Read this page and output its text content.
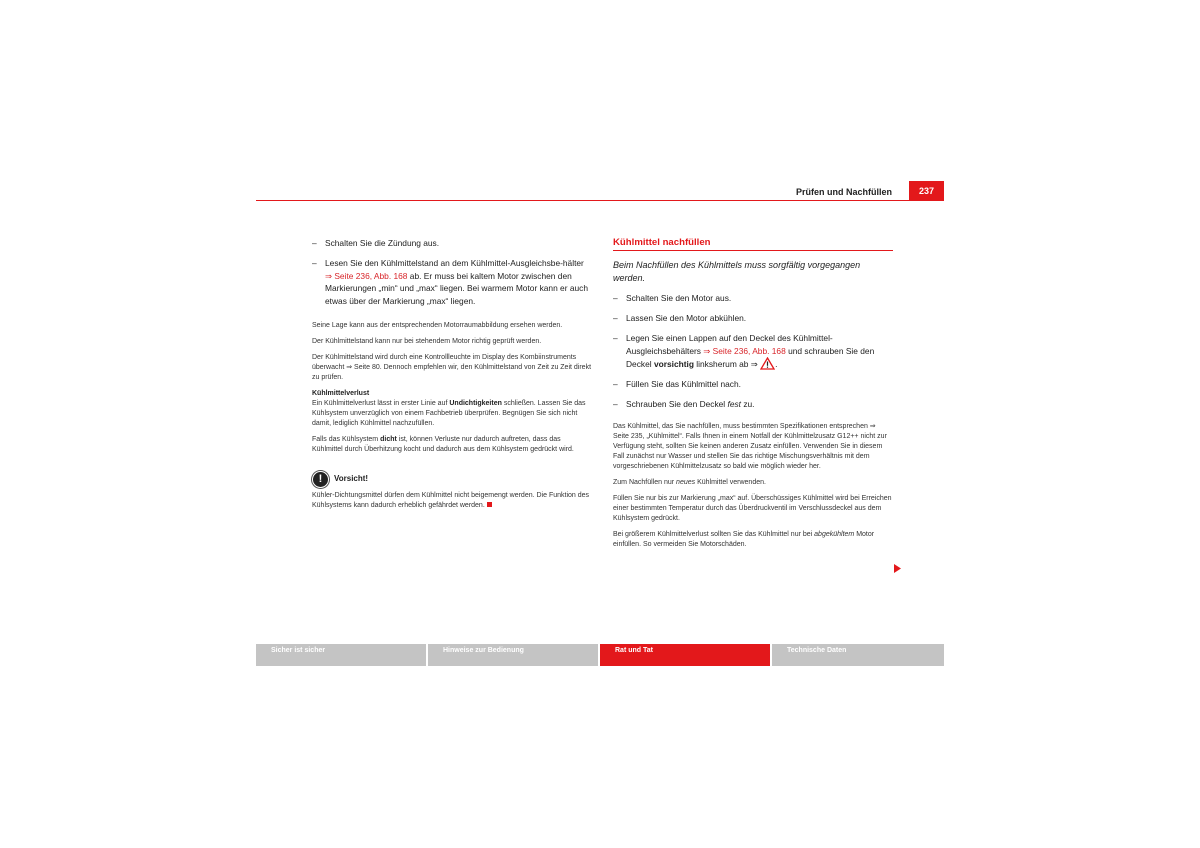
Prüfen und Nachfüllen	237
– Schalten Sie die Zündung aus.
– Lesen Sie den Kühlmittelstand an dem Kühlmittel-Ausgleichsbe-hälter ⇒ Seite 236, Abb. 168 ab. Er muss bei kaltem Motor zwischen den Markierungen „min“ und „max“ liegen. Bei warmem Motor kann er auch etwas über der Markierung „max“ liegen.

Seine Lage kann aus der entsprechenden Motorraumabbildung ersehen werden.

Der Kühlmittelstand kann nur bei stehendem Motor richtig geprüft werden.

Der Kühlmittelstand wird durch eine Kontrollleuchte im Display des Kombiinstruments überwacht ⇒ Seite 80. Dennoch empfehlen wir, den Kühlmittelstand von Zeit zu Zeit direkt zu prüfen.

Kühlmittelverlust

Ein Kühlmittelverlust lässt in erster Linie auf Undichtigkeiten schließen. Lassen Sie das Kühlsystem unverzüglich von einem Fachbetrieb überprüfen. Begnügen Sie sich nicht damit, lediglich Kühlmittel nachzufüllen.

Falls das Kühlsystem dicht ist, können Verluste nur dadurch auftreten, dass das Kühlmittel durch Überhitzung kocht und dadurch aus dem Kühlsystem gedrückt wird.

!	Vorsicht!

Kühler-Dichtungsmittel dürfen dem Kühlmittel nicht beigemengt werden. Die Funktion des Kühlsystems kann dadurch erheblich gefährdet werden.

Kühlmittel nachfüllen

Beim Nachfüllen des Kühlmittels muss sorgfältig vorgegangen werden.

– Schalten Sie den Motor aus.
– Lassen Sie den Motor abkühlen.
– Legen Sie einen Lappen auf den Deckel des Kühlmittel-Ausgleichsbehälters ⇒ Seite 236, Abb. 168 und schrauben Sie den Deckel vorsichtig linksherum ab ⇒ .
– Füllen Sie das Kühlmittel nach.
– Schrauben Sie den Deckel fest zu.

Das Kühlmittel, das Sie nachfüllen, muss bestimmten Spezifikationen entsprechen ⇒ Seite 235, „Kühlmittel“. Falls Ihnen in einem Notfall der Kühlmittelzusatz G12++ nicht zur Verfügung steht, sollten Sie keinen anderen Zusatz einfüllen. Verwenden Sie in diesem Fall zunächst nur Wasser und stellen Sie das richtige Mischungsverhältnis mit dem vorgeschriebenen Kühlmittelzusatz so bald wie möglich wieder her.

Zum Nachfüllen nur neues Kühlmittel verwenden.

Füllen Sie nur bis zur Markierung „max“ auf. Überschüssiges Kühlmittel wird bei Erreichen einer bestimmten Temperatur durch das Überdruckventil im Verschlussdeckel aus dem Kühlsystem gedrückt.

Bei größerem Kühlmittelverlust sollten Sie das Kühlmittel nur bei abgekühltem Motor einfüllen. So vermeiden Sie Motorschäden.

Sicher ist sicher	Hinweise zur Bedienung	Rat und Tat	Technische Daten
